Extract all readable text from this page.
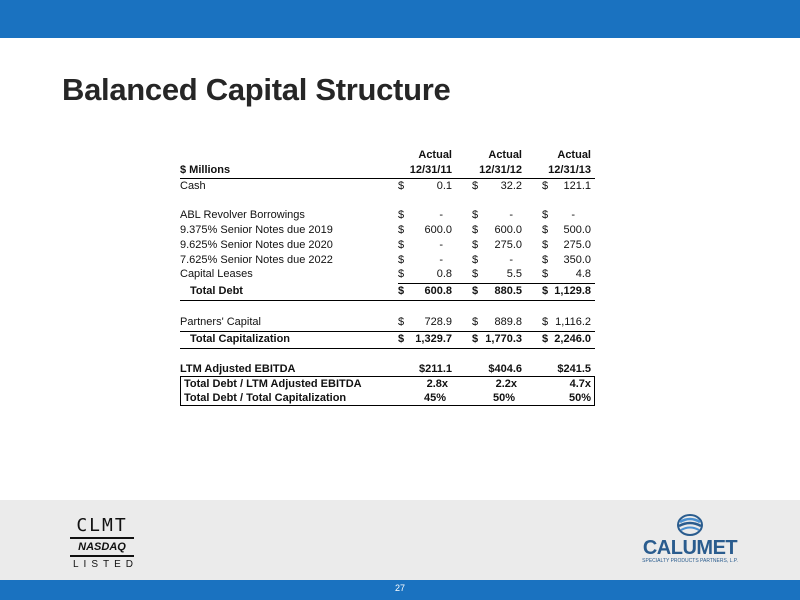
Balanced Capital Structure
Actual	Actual	Actual
$ Millions	12/31/11 12/31/12 12/31/13
Cash	$	0.1 $	32.2 $	121.1
ABL Revolver Borrowings	$	-	$	-	$	-
9.375% Senior Notes due 2019	$	600.0 $	600.0 $	500.0
9.625% Senior Notes due 2020	$	-	$	275.0 $	275.0
7.625% Senior Notes due 2022	$	-	$	-	$	350.0
Capital Leases	$	0.8 $	5.5 $	4.8
Total Debt	$	600.8 $	880.5 $ 1,129.8
Partners' Capital	$	728.9 $	889.8 $ 1,116.2
Total Capitalization	$	1,329.7 $ 1,770.3 $ 2,246.0
LTM Adjusted EBITDA	$211.1	$404.6	$241.5
Total Debt / LTM Adjusted EBITDA	2.8x	2.2x	4.7x
Total Debt / Total Capitalization	45%	50%	50%
CLMT
NASDAQ
LISTED
CALUMET
SPECIALTY PRODUCTS PARTNERS, L.P.
27
